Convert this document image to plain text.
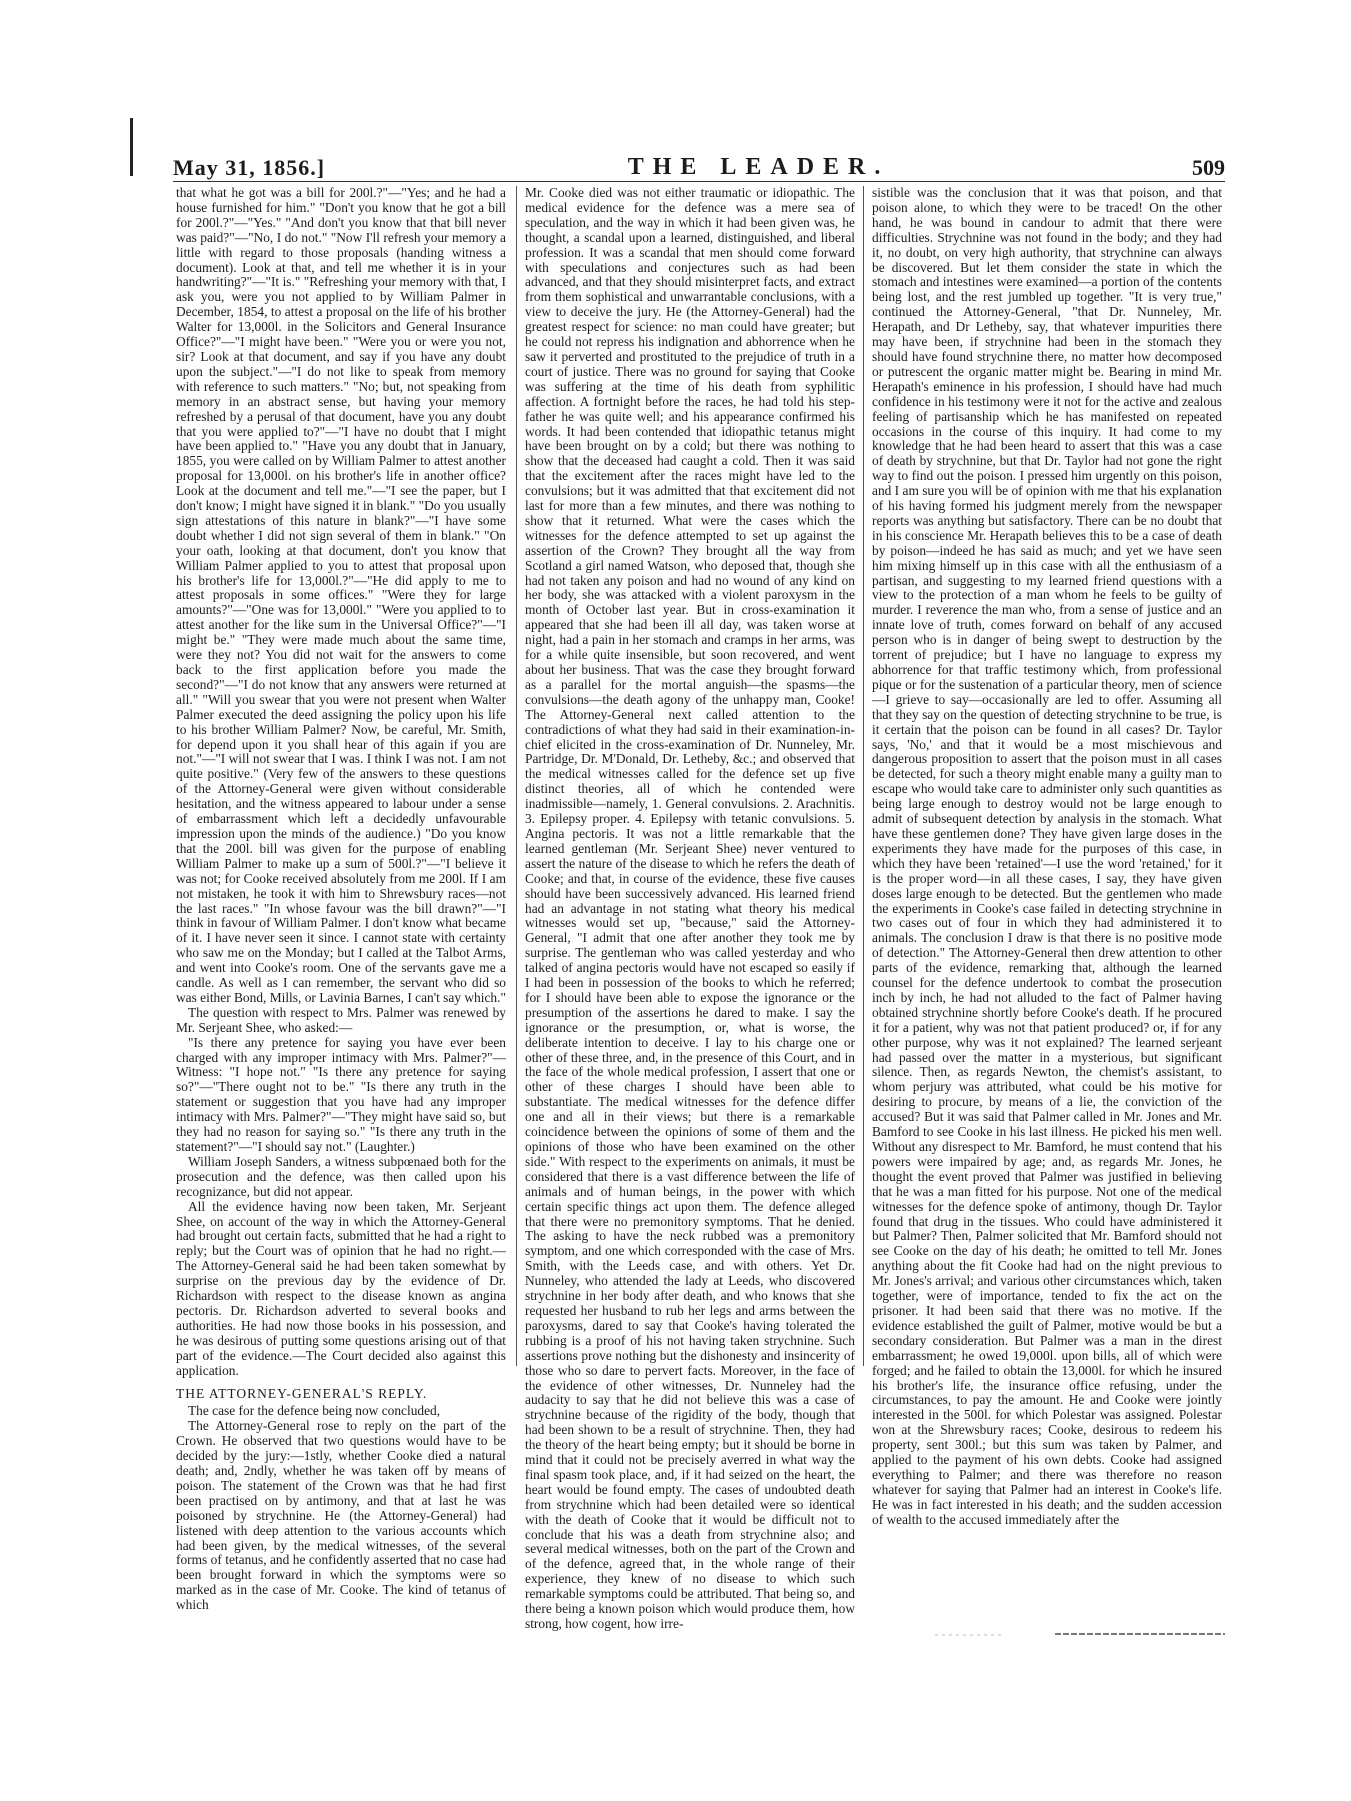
May 31, 1856.]	THE LEADER.	509

that what he got was a bill for 200l.?"—"Yes; and he had a house furnished for him." "Don't you know that he got a bill for 200l.?"—"Yes." "And don't you know that that bill never was paid?"—"No, I do not." "Now I'll refresh your memory a little with regard to those proposals (handing witness a document). Look at that, and tell me whether it is in your handwriting?"—"It is." "Refreshing your memory with that, I ask you, were you not applied to by William Palmer in December, 1854, to attest a proposal on the life of his brother Walter for 13,000l. in the Solicitors and General Insurance Office?"—"I might have been." "Were you or were you not, sir? Look at that document, and say if you have any doubt upon the subject."—"I do not like to speak from memory with reference to such matters." "No; but, not speaking from memory in an abstract sense, but having your memory refreshed by a perusal of that document, have you any doubt that you were applied to?"—"I have no doubt that I might have been applied to." "Have you any doubt that in January, 1855, you were called on by William Palmer to attest another proposal for 13,000l. on his brother's life in another office? Look at the document and tell me."—"I see the paper, but I don't know; I might have signed it in blank." "Do you usually sign attestations of this nature in blank?"—"I have some doubt whether I did not sign several of them in blank." "On your oath, looking at that document, don't you know that William Palmer applied to you to attest that proposal upon his brother's life for 13,000l.?"—"He did apply to me to attest proposals in some offices." "Were they for large amounts?"—"One was for 13,000l." "Were you applied to to attest another for the like sum in the Universal Office?"—"I might be." "They were made much about the same time, were they not? You did not wait for the answers to come back to the first application before you made the second?"—"I do not know that any answers were returned at all." "Will you swear that you were not present when Walter Palmer executed the deed assigning the policy upon his life to his brother William Palmer? Now, be careful, Mr. Smith, for depend upon it you shall hear of this again if you are not."—"I will not swear that I was. I think I was not. I am not quite positive." (Very few of the answers to these questions of the Attorney-General were given without considerable hesitation, and the witness appeared to labour under a sense of embarrassment which left a decidedly unfavourable impression upon the minds of the audience.) "Do you know that the 200l. bill was given for the purpose of enabling William Palmer to make up a sum of 500l.?"—"I believe it was not; for Cooke received absolutely from me 200l. If I am not mistaken, he took it with him to Shrewsbury races—not the last races." "In whose favour was the bill drawn?"—"I think in favour of William Palmer. I don't know what became of it. I have never seen it since. I cannot state with certainty who saw me on the Monday; but I called at the Talbot Arms, and went into Cooke's room. One of the servants gave me a candle. As well as I can remember, the servant who did so was either Bond, Mills, or Lavinia Barnes, I can't say which."

The question with respect to Mrs. Palmer was renewed by Mr. Serjeant Shee, who asked:—

"Is there any pretence for saying you have ever been charged with any improper intimacy with Mrs. Palmer?"—Witness: "I hope not." "Is there any pretence for saying so?"—"There ought not to be." "Is there any truth in the statement or suggestion that you have had any improper intimacy with Mrs. Palmer?"—"They might have said so, but they had no reason for saying so." "Is there any truth in the statement?"—"I should say not." (Laughter.)

William Joseph Sanders, a witness subpœnaed both for the prosecution and the defence, was then called upon his recognizance, but did not appear.

All the evidence having now been taken, Mr. Serjeant Shee, on account of the way in which the Attorney-General had brought out certain facts, submitted that he had a right to reply; but the Court was of opinion that he had no right.—The Attorney-General said he had been taken somewhat by surprise on the previous day by the evidence of Dr. Richardson with respect to the disease known as angina pectoris. Dr. Richardson adverted to several books and authorities. He had now those books in his possession, and he was desirous of putting some questions arising out of that part of the evidence.—The Court decided also against this application.

THE ATTORNEY-GENERAL'S REPLY.

The case for the defence being now concluded,

The Attorney-General rose to reply on the part of the Crown. He observed that two questions would have to be decided by the jury:—1stly, whether Cooke died a natural death; and, 2ndly, whether he was taken off by means of poison. The statement of the Crown was that he had first been practised on by antimony, and that at last he was poisoned by strychnine. He (the Attorney-General) had listened with deep attention to the various accounts which had been given, by the medical witnesses, of the several forms of tetanus, and he confidently asserted that no case had been brought forward in which the symptoms were so marked as in the case of Mr. Cooke. The kind of tetanus of which

Mr. Cooke died was not either traumatic or idiopathic. The medical evidence for the defence was a mere sea of speculation, and the way in which it had been given was, he thought, a scandal upon a learned, distinguished, and liberal profession. It was a scandal that men should come forward with speculations and conjectures such as had been advanced, and that they should misinterpret facts, and extract from them sophistical and unwarrantable conclusions, with a view to deceive the jury. He (the Attorney-General) had the greatest respect for science: no man could have greater; but he could not repress his indignation and abhorrence when he saw it perverted and prostituted to the prejudice of truth in a court of justice. There was no ground for saying that Cooke was suffering at the time of his death from syphilitic affection. A fortnight before the races, he had told his step-father he was quite well; and his appearance confirmed his words. It had been contended that idiopathic tetanus might have been brought on by a cold; but there was nothing to show that the deceased had caught a cold. Then it was said that the excitement after the races might have led to the convulsions; but it was admitted that that excitement did not last for more than a few minutes, and there was nothing to show that it returned. What were the cases which the witnesses for the defence attempted to set up against the assertion of the Crown? They brought all the way from Scotland a girl named Watson, who deposed that, though she had not taken any poison and had no wound of any kind on her body, she was attacked with a violent paroxysm in the month of October last year. But in cross-examination it appeared that she had been ill all day, was taken worse at night, had a pain in her stomach and cramps in her arms, was for a while quite insensible, but soon recovered, and went about her business. That was the case they brought forward as a parallel for the mortal anguish—the spasms—the convulsions—the death agony of the unhappy man, Cooke! The Attorney-General next called attention to the contradictions of what they had said in their examination-in-chief elicited in the cross-examination of Dr. Nunneley, Mr. Partridge, Dr. M'Donald, Dr. Letheby, &c.; and observed that the medical witnesses called for the defence set up five distinct theories, all of which he contended were inadmissible—namely, 1. General convulsions. 2. Arachnitis. 3. Epilepsy proper. 4. Epilepsy with tetanic convulsions. 5. Angina pectoris. It was not a little remarkable that the learned gentleman (Mr. Serjeant Shee) never ventured to assert the nature of the disease to which he refers the death of Cooke; and that, in course of the evidence, these five causes should have been successively advanced. His learned friend had an advantage in not stating what theory his medical witnesses would set up, "because," said the Attorney-General, "I admit that one after another they took me by surprise. The gentleman who was called yesterday and who talked of angina pectoris would have not escaped so easily if I had been in possession of the books to which he referred; for I should have been able to expose the ignorance or the presumption of the assertions he dared to make. I say the ignorance or the presumption, or, what is worse, the deliberate intention to deceive. I lay to his charge one or other of these three, and, in the presence of this Court, and in the face of the whole medical profession, I assert that one or other of these charges I should have been able to substantiate. The medical witnesses for the defence differ one and all in their views; but there is a remarkable coincidence between the opinions of some of them and the opinions of those who have been examined on the other side." With respect to the experiments on animals, it must be considered that there is a vast difference between the life of animals and of human beings, in the power with which certain specific things act upon them. The defence alleged that there were no premonitory symptoms. That he denied. The asking to have the neck rubbed was a premonitory symptom, and one which corresponded with the case of Mrs. Smith, with the Leeds case, and with others. Yet Dr. Nunneley, who attended the lady at Leeds, who discovered strychnine in her body after death, and who knows that she requested her husband to rub her legs and arms between the paroxysms, dared to say that Cooke's having tolerated the rubbing is a proof of his not having taken strychnine. Such assertions prove nothing but the dishonesty and insincerity of those who so dare to pervert facts. Moreover, in the face of the evidence of other witnesses, Dr. Nunneley had the audacity to say that he did not believe this was a case of strychnine because of the rigidity of the body, though that had been shown to be a result of strychnine. Then, they had the theory of the heart being empty; but it should be borne in mind that it could not be precisely averred in what way the final spasm took place, and, if it had seized on the heart, the heart would be found empty. The cases of undoubted death from strychnine which had been detailed were so identical with the death of Cooke that it would be difficult not to conclude that his was a death from strychnine also; and several medical witnesses, both on the part of the Crown and of the defence, agreed that, in the whole range of their experience, they knew of no disease to which such remarkable symptoms could be attributed. That being so, and there being a known poison which would produce them, how strong, how cogent, how irre-

sistible was the conclusion that it was that poison, and that poison alone, to which they were to be traced! On the other hand, he was bound in candour to admit that there were difficulties. Strychnine was not found in the body; and they had it, no doubt, on very high authority, that strychnine can always be discovered. But let them consider the state in which the stomach and intestines were examined—a portion of the contents being lost, and the rest jumbled up together. "It is very true," continued the Attorney-General, "that Dr. Nunneley, Mr. Herapath, and Dr Letheby, say, that whatever impurities there may have been, if strychnine had been in the stomach they should have found strychnine there, no matter how decomposed or putrescent the organic matter might be. Bearing in mind Mr. Herapath's eminence in his profession, I should have had much confidence in his testimony were it not for the active and zealous feeling of partisanship which he has manifested on repeated occasions in the course of this inquiry. It had come to my knowledge that he had been heard to assert that this was a case of death by strychnine, but that Dr. Taylor had not gone the right way to find out the poison. I pressed him urgently on this poison, and I am sure you will be of opinion with me that his explanation of his having formed his judgment merely from the newspaper reports was anything but satisfactory. There can be no doubt that in his conscience Mr. Herapath believes this to be a case of death by poison—indeed he has said as much; and yet we have seen him mixing himself up in this case with all the enthusiasm of a partisan, and suggesting to my learned friend questions with a view to the protection of a man whom he feels to be guilty of murder. I reverence the man who, from a sense of justice and an innate love of truth, comes forward on behalf of any accused person who is in danger of being swept to destruction by the torrent of prejudice; but I have no language to express my abhorrence for that traffic testimony which, from professional pique or for the sustenation of a particular theory, men of science—I grieve to say—occasionally are led to offer. Assuming all that they say on the question of detecting strychnine to be true, is it certain that the poison can be found in all cases? Dr. Taylor says, 'No,' and that it would be a most mischievous and dangerous proposition to assert that the poison must in all cases be detected, for such a theory might enable many a guilty man to escape who would take care to administer only such quantities as being large enough to destroy would not be large enough to admit of subsequent detection by analysis in the stomach. What have these gentlemen done? They have given large doses in the experiments they have made for the purposes of this case, in which they have been 'retained'—I use the word 'retained,' for it is the proper word—in all these cases, I say, they have given doses large enough to be detected. But the gentlemen who made the experiments in Cooke's case failed in detecting strychnine in two cases out of four in which they had administered it to animals. The conclusion I draw is that there is no positive mode of detection." The Attorney-General then drew attention to other parts of the evidence, remarking that, although the learned counsel for the defence undertook to combat the prosecution inch by inch, he had not alluded to the fact of Palmer having obtained strychnine shortly before Cooke's death. If he procured it for a patient, why was not that patient produced? or, if for any other purpose, why was it not explained? The learned serjeant had passed over the matter in a mysterious, but significant silence. Then, as regards Newton, the chemist's assistant, to whom perjury was attributed, what could be his motive for desiring to procure, by means of a lie, the conviction of the accused? But it was said that Palmer called in Mr. Jones and Mr. Bamford to see Cooke in his last illness. He picked his men well. Without any disrespect to Mr. Bamford, he must contend that his powers were impaired by age; and, as regards Mr. Jones, he thought the event proved that Palmer was justified in believing that he was a man fitted for his purpose. Not one of the medical witnesses for the defence spoke of antimony, though Dr. Taylor found that drug in the tissues. Who could have administered it but Palmer? Then, Palmer solicited that Mr. Bamford should not see Cooke on the day of his death; he omitted to tell Mr. Jones anything about the fit Cooke had had on the night previous to Mr. Jones's arrival; and various other circumstances which, taken together, were of importance, tended to fix the act on the prisoner. It had been said that there was no motive. If the evidence established the guilt of Palmer, motive would be but a secondary consideration. But Palmer was a man in the direst embarrassment; he owed 19,000l. upon bills, all of which were forged; and he failed to obtain the 13,000l. for which he insured his brother's life, the insurance office refusing, under the circumstances, to pay the amount. He and Cooke were jointly interested in the 500l. for which Polestar was assigned. Polestar won at the Shrewsbury races; Cooke, desirous to redeem his property, sent 300l.; but this sum was taken by Palmer, and applied to the payment of his own debts. Cooke had assigned everything to Palmer; and there was therefore no reason whatever for saying that Palmer had an interest in Cooke's life. He was in fact interested in his death; and the sudden accession of wealth to the accused immediately after the
